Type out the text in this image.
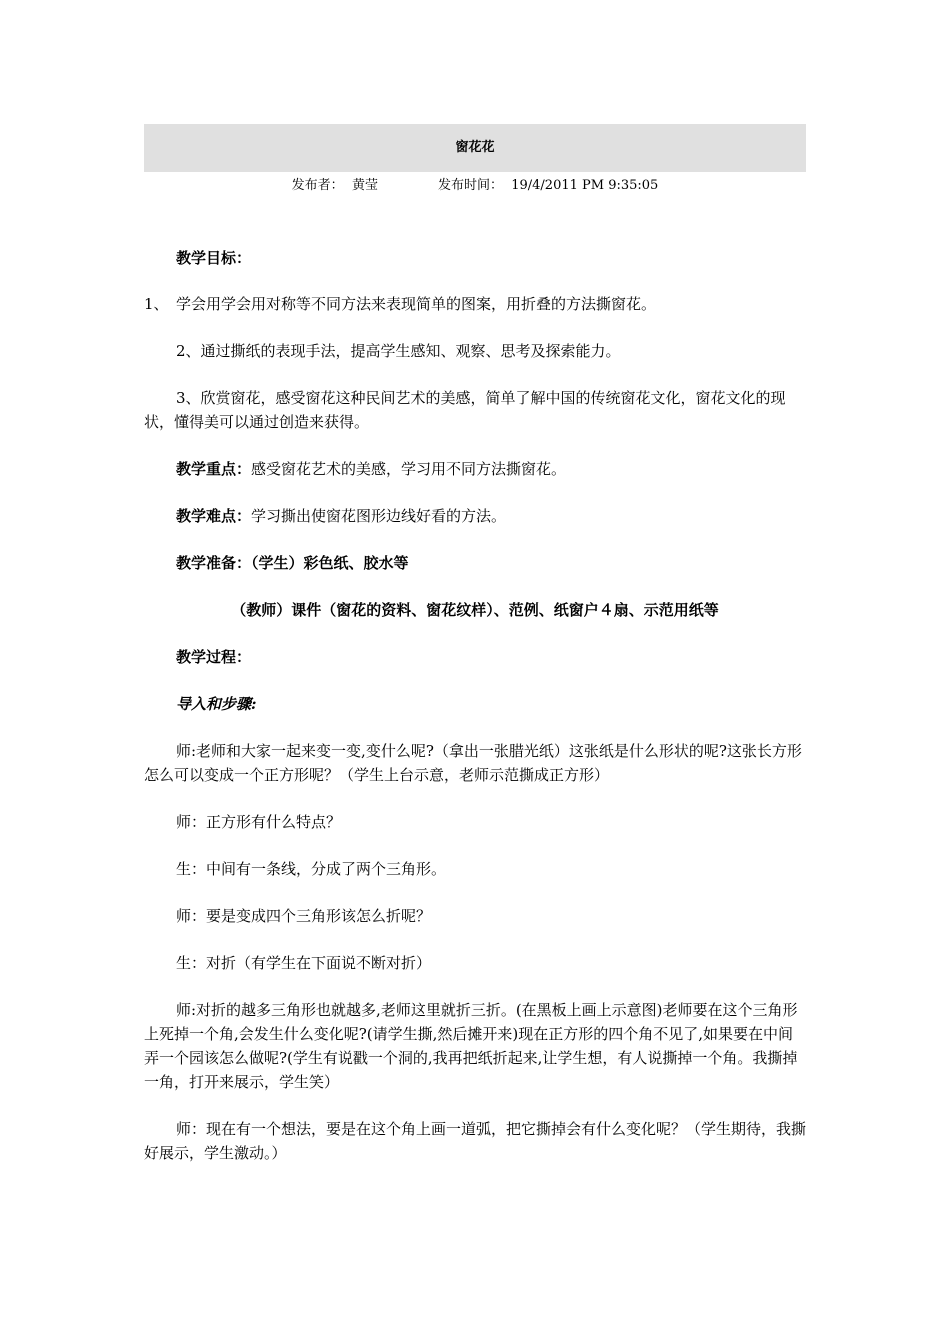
窗花花
发布者： 黄莹	发布时间： 19/4/2011 PM 9:35:05

教学目标：

1、　学会用学会用对称等不同方法来表现简单的图案，用折叠的方法撕窗花。

2、通过撕纸的表现手法，提高学生感知、观察、思考及探索能力。

3、欣赏窗花，感受窗花这种民间艺术的美感，简单了解中国的传统窗花文化，窗花文化的现状，懂得美可以通过创造来获得。

教学重点：感受窗花艺术的美感，学习用不同方法撕窗花。

教学难点：学习撕出使窗花图形边线好看的方法。

教学准备：（学生）彩色纸、胶水等

（教师）课件（窗花的资料、窗花纹样）、范例、纸窗户４扇、示范用纸等

教学过程：

导入和步骤:

师:老师和大家一起来变一变,变什么呢?（拿出一张腊光纸）这张纸是什么形状的呢?这张长方形怎么可以变成一个正方形呢？（学生上台示意，老师示范撕成正方形）

师：正方形有什么特点？

生：中间有一条线，分成了两个三角形。

师：要是变成四个三角形该怎么折呢？

生：对折（有学生在下面说不断对折）

师:对折的越多三角形也就越多,老师这里就折三折。(在黑板上画上示意图)老师要在这个三角形上死掉一个角,会发生什么变化呢?(请学生撕,然后摊开来)现在正方形的四个角不见了,如果要在中间弄一个园该怎么做呢?(学生有说戳一个洞的,我再把纸折起来,让学生想，有人说撕掉一个角。我撕掉一角，打开来展示，学生笑）

师：现在有一个想法，要是在这个角上画一道弧，把它撕掉会有什么变化呢？（学生期待，我撕好展示，学生激动。）
